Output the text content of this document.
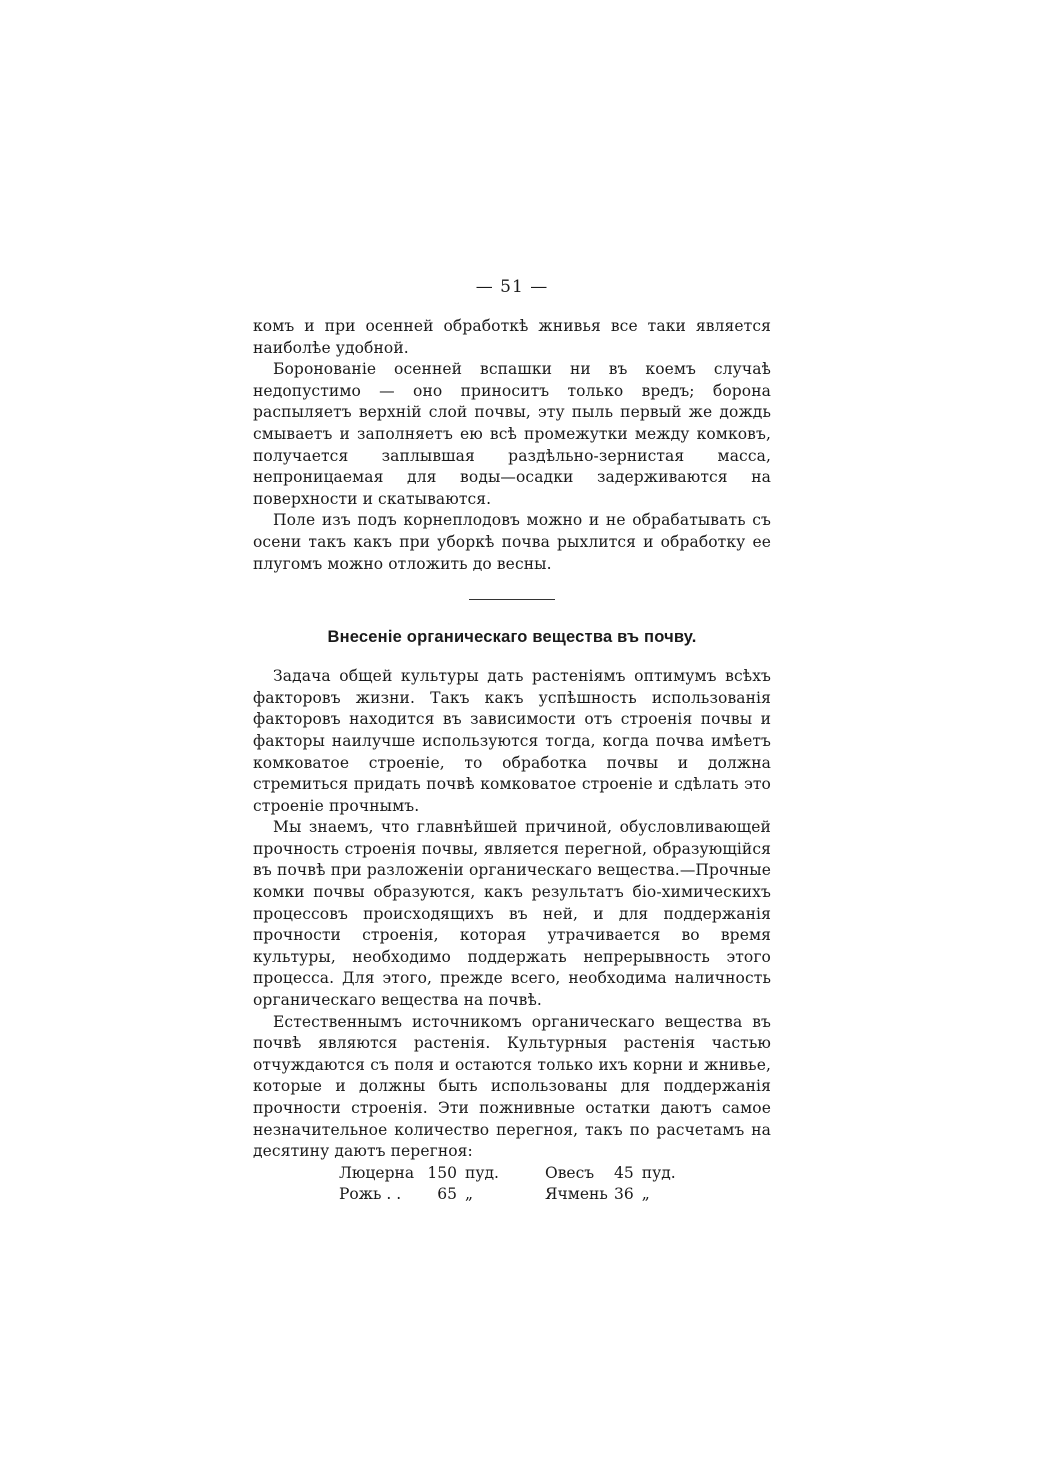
— 51 —

комъ и при осенней обработкѣ жнивья все таки является наиболѣе удобной.

Боронованіе осенней вспашки ни въ коемъ случаѣ недопустимо — оно приноситъ только вредъ; борона распыляетъ верхній слой почвы, эту пыль первый же дождь смываетъ и заполняетъ ею всѣ промежутки между комковъ, получается заплывшая раздѣльно-зернистая масса, непроницаемая для воды—осадки задерживаются на поверхности и скатываются.

Поле изъ подъ корнеплодовъ можно и не обрабатывать съ осени такъ какъ при уборкѣ почва рыхлится и обработку ее плугомъ можно отложить до весны.

Внесеніе органическаго вещества въ почву.

Задача общей культуры дать растеніямъ оптимумъ всѣхъ факторовъ жизни. Такъ какъ успѣшность использованія факторовъ находится въ зависимости отъ строенія почвы и факторы наилучше используются тогда, когда почва имѣетъ комковатое строеніе, то обработка почвы и должна стремиться придать почвѣ комковатое строеніе и сдѣлать это строеніе прочнымъ.

Мы знаемъ, что главнѣйшей причиной, обусловливающей прочность строенія почвы, является перегной, образующійся въ почвѣ при разложеніи органическаго вещества.—Прочные комки почвы образуются, какъ результатъ біо-химическихъ процессовъ происходящихъ въ ней, и для поддержанія прочности строенія, которая утрачивается во время культуры, необходимо поддержать непрерывность этого процесса. Для этого, прежде всего, необходима наличность органическаго вещества на почвѣ.

Естественнымъ источникомъ органическаго вещества въ почвѣ являются растенія. Культурныя растенія частью отчуждаются съ поля и остаются только ихъ корни и жнивье, которые и должны быть использованы для поддержанія прочности строенія. Эти пожнивные остатки даютъ самое незначительное количество перегноя, такъ по расчетамъ на десятину даютъ перегноя:

Люцерна	150	пуд.	Овесъ	45	пуд.
Рожь . .	65	„	Ячмень	36	„
